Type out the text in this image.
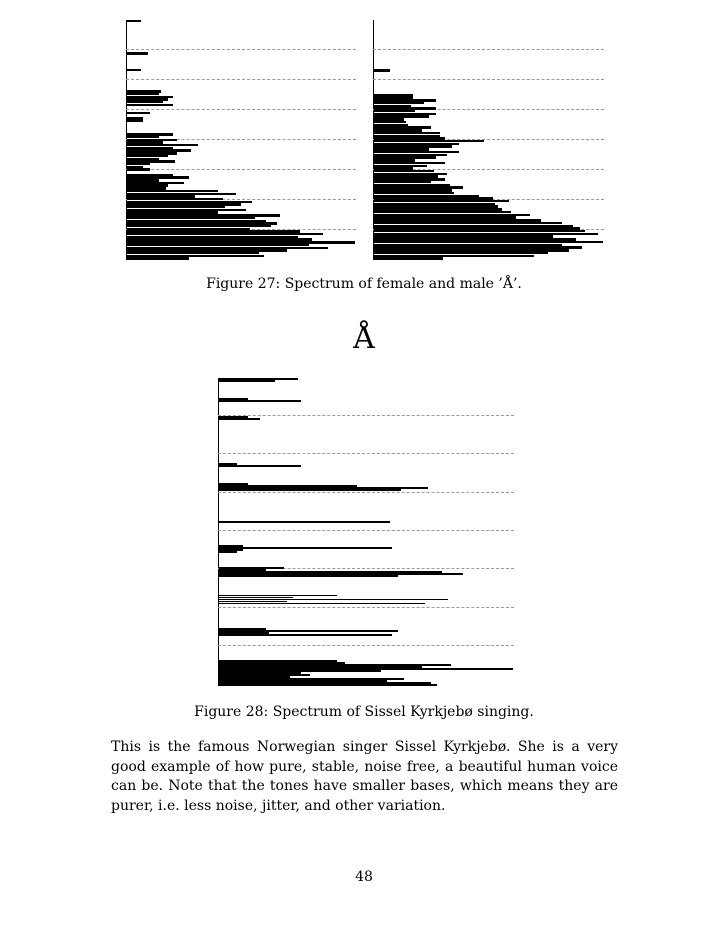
Figure 27: Spectrum of female and male ’Å’.
Å
Figure 28: Spectrum of Sissel Kyrkjebø singing.
This is the famous Norwegian singer Sissel Kyrkjebø. She is a very good example of how pure, stable, noise free, a beautiful human voice can be. Note that the tones have smaller bases, which means they are purer, i.e. less noise, jitter, and other variation.
48
